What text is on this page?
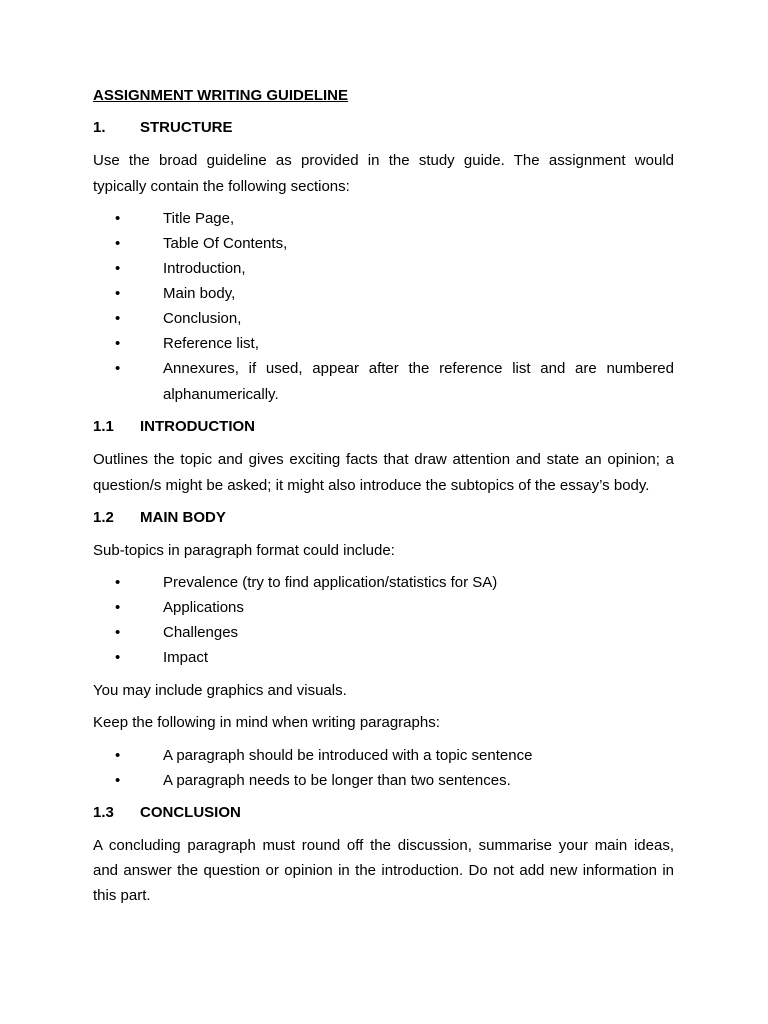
ASSIGNMENT WRITING GUIDELINE
1. STRUCTURE
Use the broad guideline as provided in the study guide. The assignment would
typically contain the following sections:
•	Title Page,
•	Table Of Contents,
•	Introduction,
•	Main body,
•	Conclusion,
•	Reference list,
•	Annexures, if used, appear after the reference list and are numbered
alphanumerically.
1.1 INTRODUCTION
Outlines the topic and gives exciting facts that draw attention and state an opinion; a
question/s might be asked; it might also introduce the subtopics of the essay’s body.
1.2 MAIN BODY
Sub-topics in paragraph format could include:
•	Prevalence (try to find application/statistics for SA)
•	Applications
•	Challenges
•	Impact
You may include graphics and visuals.
Keep the following in mind when writing paragraphs:
•	A paragraph should be introduced with a topic sentence
•	A paragraph needs to be longer than two sentences.
1.3 CONCLUSION
A concluding paragraph must round off the discussion, summarise your main ideas,
and answer the question or opinion in the introduction. Do not add new information in
this part.
